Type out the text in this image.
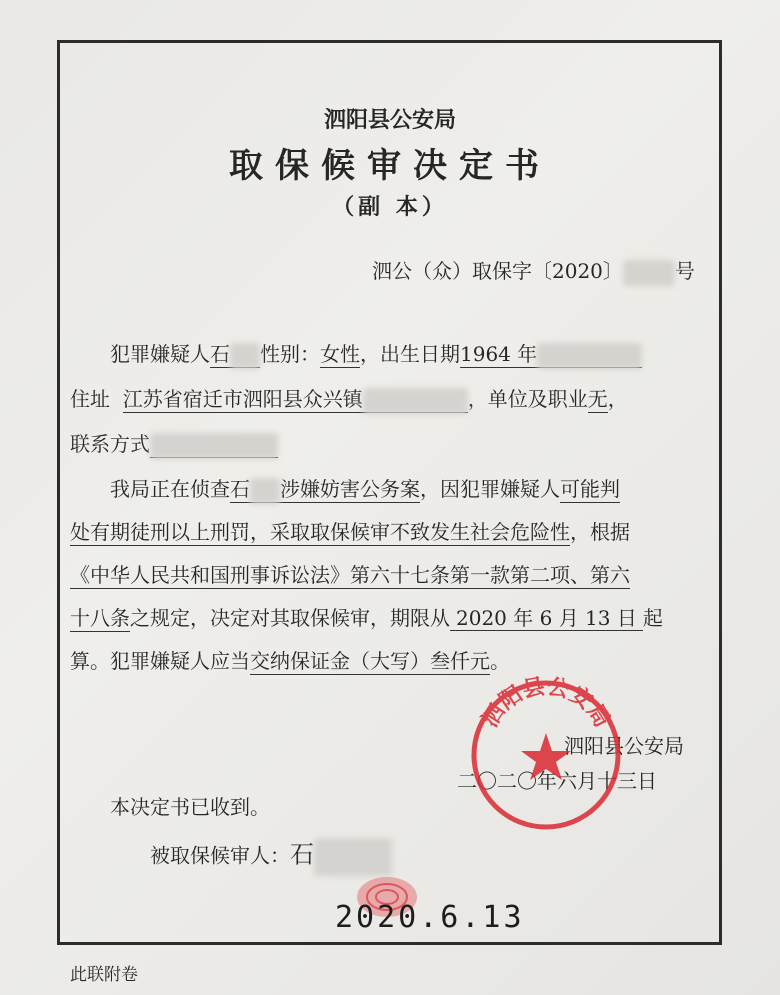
泗阳县公安局
取保候审决定书
（副 本）
泗公（众）取保字〔2020〕	号
犯罪嫌疑人石 性别：女性，出生日期1964 年
住址 江苏省宿迁市泗阳县众兴镇	，单位及职业无，
联系方式
我局正在侦查石 涉嫌妨害公务案，因犯罪嫌疑人可能判
处有期徒刑以上刑罚，采取取保候审不致发生社会危险性，根据
《中华人民共和国刑事诉讼法》第六十七条第一款第二项、第六
十八条之规定，决定对其取保候审，期限从 2020 年 6 月 13 日 起
算。犯罪嫌疑人应当交纳保证金（大写）叁仟元。
泗阳县公安局
二〇二〇年六月十三日
泗阳县公安局
本决定书已收到。
被取保候审人：石
2020.6.13
此联附卷
